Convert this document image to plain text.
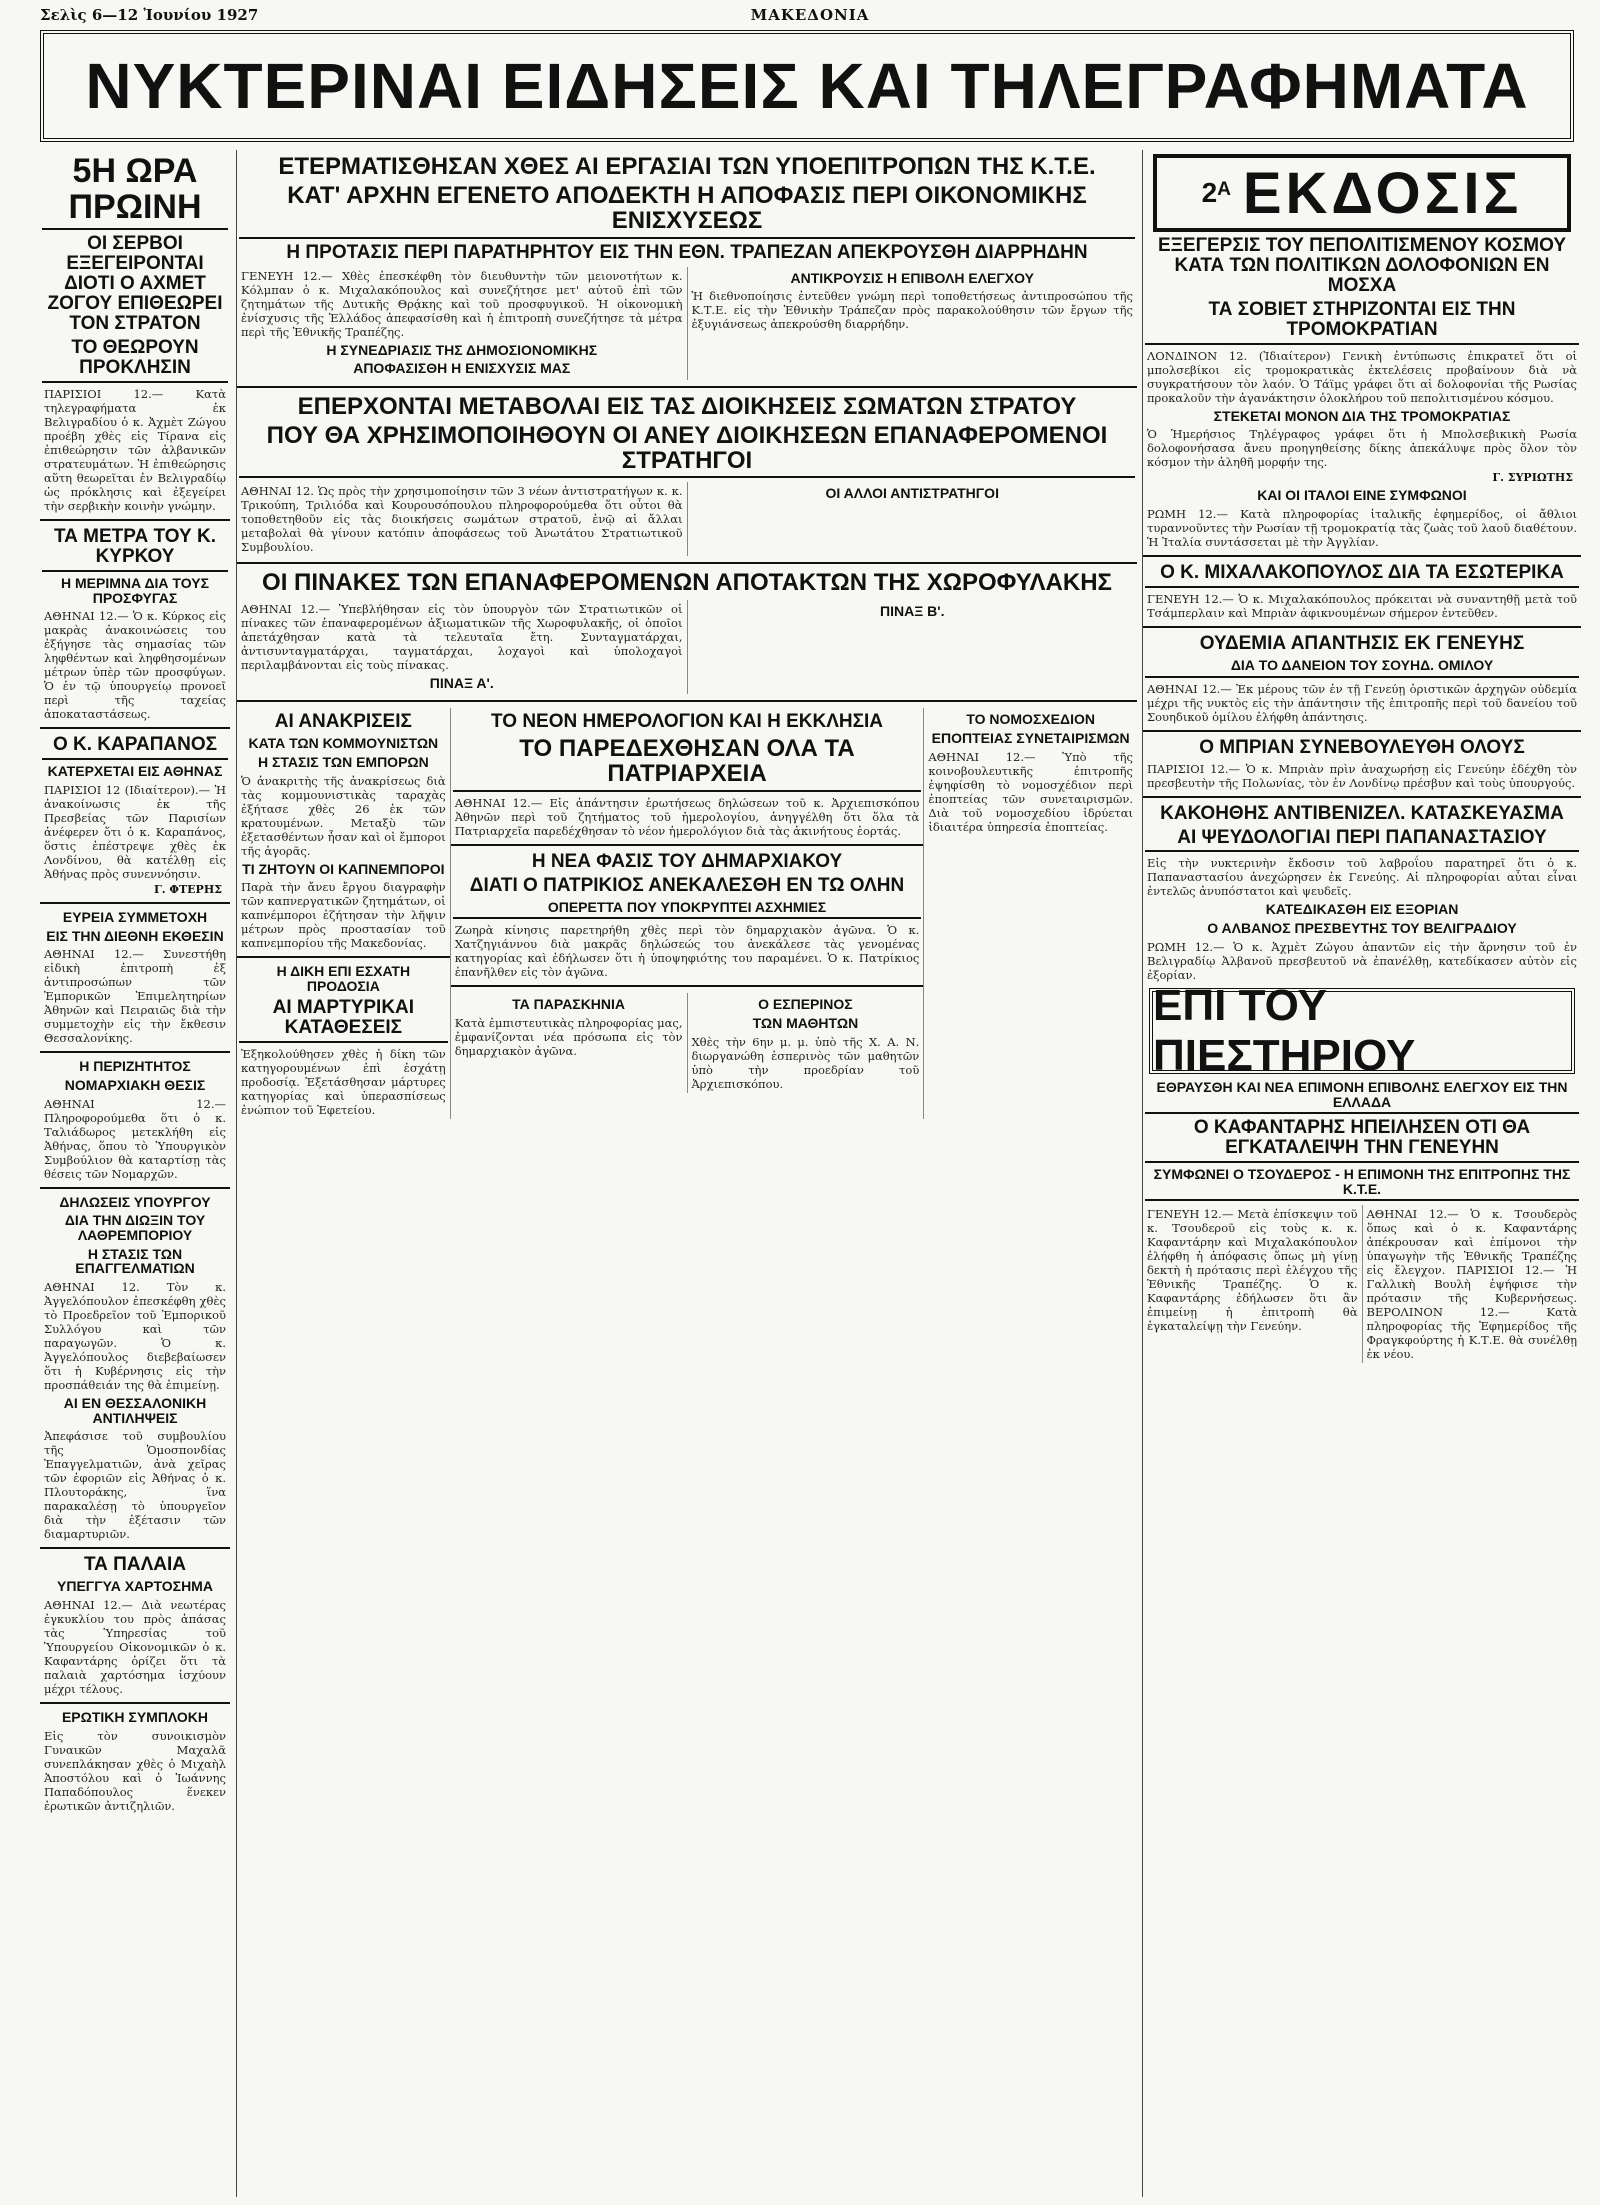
Σελὶς 6—12 Ἰουνίου 1927	ΜΑΚΕΔΟΝΙΑ
ΝΥΚΤΕΡΙΝΑΙ ΕΙΔΗΣΕΙΣ ΚΑΙ ΤΗΛΕΓΡΑΦΗΜΑΤΑ
5Η ΩΡΑ ΠΡΩΙΝΗ
ΟΙ ΣΕΡΒΟΙ ΕΞΕΓΕΙΡΟΝΤΑΙ ΔΙΟΤΙ Ο ΑΧΜΕΤ ΖΟΓΟΥ ΕΠΙΘΕΩΡΕΙ ΤΟΝ ΣΤΡΑΤΟΝ
ΤΟ ΘΕΩΡΟΥΝ ΠΡΟΚΛΗΣΙΝ

ΠΑΡΙΣΙΟΙ 12.— Κατὰ τηλεγραφήματα ἐκ Βελιγραδίου ὁ κ. Ἀχμὲτ Ζώγου προέβη χθὲς εἰς Τίρανα εἰς ἐπιθεώρησιν τῶν ἀλβανικῶν στρατευμάτων. Ἡ ἐπιθεώρησις αὕτη θεωρεῖται ἐν Βελιγραδίῳ ὡς πρόκλησις καὶ ἐξεγείρει τὴν σερβικὴν κοινὴν γνώμην.

ΤΑ ΜΕΤΡΑ ΤΟΥ Κ. ΚΥΡΚΟΥ
Η ΜΕΡΙΜΝΑ ΔΙΑ ΤΟΥΣ ΠΡΟΣΦΥΓΑΣ

ΑΘΗΝΑΙ 12.— Ὁ κ. Κύρκος εἰς μακρὰς ἀνακοινώσεις του ἐξήγησε τὰς σημασίας τῶν ληφθέντων καὶ ληφθησομένων μέτρων ὑπὲρ τῶν προσφύγων. Ὁ ἐν τῷ ὑπουργείῳ προνοεῖ περὶ τῆς ταχείας ἀποκαταστάσεως.

Ο Κ. ΚΑΡΑΠΑΝΟΣ
ΚΑΤΕΡΧΕΤΑΙ ΕΙΣ ΑΘΗΝΑΣ

ΠΑΡΙΣΙΟΙ 12 (Ιδιαίτερον).— Ἡ ἀνακοίνωσις ἐκ τῆς Πρεσβείας τῶν Παρισίων ἀνέφερεν ὅτι ὁ κ. Καραπάνος, ὅστις ἐπέστρεψε χθὲς ἐκ Λονδίνου, θὰ κατέλθῃ εἰς Ἀθήνας πρὸς συνεννόησιν.

Γ. ΦΤΕΡΗΣ
ΕΥΡΕΙΑ ΣΥΜΜΕΤΟΧΗ
ΕΙΣ ΤΗΝ ΔΙΕΘΝΗ ΕΚΘΕΣΙΝ

ΑΘΗΝΑΙ 12.— Συνεστήθη εἰδικὴ ἐπιτροπὴ ἐξ ἀντιπροσώπων τῶν Ἐμπορικῶν Ἐπιμελητηρίων Ἀθηνῶν καὶ Πειραιῶς διὰ τὴν συμμετοχὴν εἰς τὴν ἔκθεσιν Θεσσαλονίκης.

Η ΠΕΡΙΖΗΤΗΤΟΣ
ΝΟΜΑΡΧΙΑΚΗ ΘΕΣΙΣ

ΑΘΗΝΑΙ 12.— Πληροφορούμεθα ὅτι ὁ κ. Ταλιάδωρος μετεκλήθη εἰς Ἀθήνας, ὅπου τὸ Ὑπουργικὸν Συμβούλιον θὰ καταρτίσῃ τὰς θέσεις τῶν Νομαρχῶν.

ΔΗΛΩΣΕΙΣ ΥΠΟΥΡΓΟΥ
ΔΙΑ ΤΗΝ ΔΙΩΞΙΝ ΤΟΥ ΛΑΘΡΕΜΠΟΡΙΟΥ
Η ΣΤΑΣΙΣ ΤΩΝ ΕΠΑΓΓΕΛΜΑΤΙΩΝ

ΑΘΗΝΑΙ 12. Τὸν κ. Ἀγγελόπουλον ἐπεσκέφθη χθὲς τὸ Προεδρεῖον τοῦ Ἐμπορικοῦ Συλλόγου καὶ τῶν παραγωγῶν. Ὁ κ. Ἀγγελόπουλος διεβεβαίωσεν ὅτι ἡ Κυβέρνησις εἰς τὴν προσπάθειάν της θὰ ἐπιμείνῃ.

ΑΙ ΕΝ ΘΕΣΣΑΛΟΝΙΚΗ ΑΝΤΙΛΗΨΕΙΣ

Ἀπεφάσισε τοῦ συμβουλίου τῆς Ὁμοσπονδίας Ἐπαγγελματιῶν, ἀνὰ χεῖρας τῶν ἐφοριῶν εἰς Ἀθήνας ὁ κ. Πλουτοράκης, ἵνα παρακαλέσῃ τὸ ὑπουργεῖον διὰ τὴν ἐξέτασιν τῶν διαμαρτυριῶν.

ΤΑ ΠΑΛΑΙΑ
ΥΠΕΓΓΥΑ ΧΑΡΤΟΣΗΜΑ

ΑΘΗΝΑΙ 12.— Διὰ νεωτέρας ἐγκυκλίου του πρὸς ἁπάσας τὰς Ὑπηρεσίας τοῦ Ὑπουργείου Οἰκονομικῶν ὁ κ. Καφαντάρης ὁρίζει ὅτι τὰ παλαιὰ χαρτόσημα ἰσχύουν μέχρι τέλους.

ΕΡΩΤΙΚΗ ΣΥΜΠΛΟΚΗ

Εἰς τὸν συνοικισμὸν Γυναικῶν Μαχαλᾶ συνεπλάκησαν χθὲς ὁ Μιχαὴλ Ἀποστόλου καὶ ὁ Ἰωάννης Παπαδόπουλος ἕνεκεν ἐρωτικῶν ἀντιζηλιῶν.

ΕΤΕΡΜΑΤΙΣΘΗΣΑΝ ΧΘΕΣ ΑΙ ΕΡΓΑΣΙΑΙ ΤΩΝ ΥΠΟΕΠΙΤΡΟΠΩΝ ΤΗΣ Κ.Τ.Ε.
ΚΑΤ' ΑΡΧΗΝ ΕΓΕΝΕΤΟ ΑΠΟΔΕΚΤΗ Η ΑΠΟΦΑΣΙΣ ΠΕΡΙ ΟΙΚΟΝΟΜΙΚΗΣ ΕΝΙΣΧΥΣΕΩΣ
Η ΠΡΟΤΑΣΙΣ ΠΕΡΙ ΠΑΡΑΤΗΡΗΤΟΥ ΕΙΣ ΤΗΝ ΕΘΝ. ΤΡΑΠΕΖΑΝ ΑΠΕΚΡΟΥΣΘΗ ΔΙΑΡΡΗΔΗΝ

ΓΕΝΕΥΗ 12.— Χθὲς ἐπεσκέφθη τὸν διευθυντὴν τῶν μειονοτήτων κ. Κόλμπαν ὁ κ. Μιχαλακόπουλος καὶ συνεζήτησε μετ' αὐτοῦ ἐπὶ τῶν ζητημάτων τῆς Δυτικῆς Θρᾴκης καὶ τοῦ προσφυγικοῦ. Ἡ οἰκονομικὴ ἐνίσχυσις τῆς Ἑλλάδος ἀπεφασίσθη καὶ ἡ ἐπιτροπὴ συνεζήτησε τὰ μέτρα περὶ τῆς Ἐθνικῆς Τραπέζης.

Η ΣΥΝΕΔΡΙΑΣΙΣ ΤΗΣ ΔΗΜΟΣΙΟΝΟΜΙΚΗΣ
ΑΠΟΦΑΣΙΣΘΗ Η ΕΝΙΣΧΥΣΙΣ ΜΑΣ
ΑΝΤΙΚΡΟΥΣΙΣ Η ΕΠΙΒΟΛΗ ΕΛΕΓΧΟΥ

Ἡ διεθνοποίησις ἐντεῦθεν γνώμη περὶ τοποθετήσεως ἀντιπροσώπου τῆς Κ.Τ.Ε. εἰς τὴν Ἐθνικὴν Τράπεζαν πρὸς παρακολούθησιν τῶν ἔργων τῆς ἐξυγιάνσεως ἀπεκρούσθη διαρρήδην.

ΕΠΕΡΧΟΝΤΑΙ ΜΕΤΑΒΟΛΑΙ ΕΙΣ ΤΑΣ ΔΙΟΙΚΗΣΕΙΣ ΣΩΜΑΤΩΝ ΣΤΡΑΤΟΥ
ΠΟΥ ΘΑ ΧΡΗΣΙΜΟΠΟΙΗΘΟΥΝ ΟΙ ΑΝΕΥ ΔΙΟΙΚΗΣΕΩΝ ΕΠΑΝΑΦΕΡΟΜΕΝΟΙ ΣΤΡΑΤΗΓΟΙ

ΑΘΗΝΑΙ 12. Ὡς πρὸς τὴν χρησιμοποίησιν τῶν 3 νέων ἀντιστρατήγων κ. κ. Τρικούπη, Τριλιόδα καὶ Κουρουσόπουλου πληροφορούμεθα ὅτι οὗτοι θὰ τοποθετηθοῦν εἰς τὰς διοικήσεις σωμάτων στρατοῦ, ἐνῷ αἱ ἄλλαι μεταβολαὶ θὰ γίνουν κατόπιν ἀποφάσεως τοῦ Ἀνωτάτου Στρατιωτικοῦ Συμβουλίου.

ΟΙ ΑΛΛΟΙ ΑΝΤΙΣΤΡΑΤΗΓΟΙ
ΟΙ ΠΙΝΑΚΕΣ ΤΩΝ ΕΠΑΝΑΦΕΡΟΜΕΝΩΝ ΑΠΟΤΑΚΤΩΝ ΤΗΣ ΧΩΡΟΦΥΛΑΚΗΣ

ΑΘΗΝΑΙ 12.— Ὑπεβλήθησαν εἰς τὸν ὑπουργὸν τῶν Στρατιωτικῶν οἱ πίνακες τῶν ἐπαναφερομένων ἀξιωματικῶν τῆς Χωροφυλακῆς, οἱ ὁποῖοι ἀπετάχθησαν κατὰ τὰ τελευταῖα ἔτη. Συνταγματάρχαι, ἀντισυνταγματάρχαι, ταγματάρχαι, λοχαγοὶ καὶ ὑπολοχαγοὶ περιλαμβάνονται εἰς τοὺς πίνακας.

ΠΙΝΑΞ Α'.
ΠΙΝΑΞ Β'.
ΑΙ ΑΝΑΚΡΙΣΕΙΣ
ΚΑΤΑ ΤΩΝ ΚΟΜΜΟΥΝΙΣΤΩΝ
Η ΣΤΑΣΙΣ ΤΩΝ ΕΜΠΟΡΩΝ

Ὁ ἀνακριτὴς τῆς ἀνακρίσεως διὰ τὰς κομμουνιστικὰς ταραχὰς ἐξήτασε χθὲς 26 ἐκ τῶν κρατουμένων. Μεταξὺ τῶν ἐξετασθέντων ἦσαν καὶ οἱ ἔμποροι τῆς ἀγορᾶς.

ΤΙ ΖΗΤΟΥΝ ΟΙ ΚΑΠΝΕΜΠΟΡΟΙ

Παρὰ τὴν ἄνευ ἔργου διαγραφὴν τῶν καπνεργατικῶν ζητημάτων, οἱ καπνέμποροι ἐζήτησαν τὴν λῆψιν μέτρων πρὸς προστασίαν τοῦ καπνεμπορίου τῆς Μακεδονίας.

Η ΔΙΚΗ ΕΠΙ ΕΣΧΑΤΗ ΠΡΟΔΟΣΙΑ
ΑΙ ΜΑΡΤΥΡΙΚΑΙ ΚΑΤΑΘΕΣΕΙΣ

Ἐξηκολούθησεν χθὲς ἡ δίκη τῶν κατηγορουμένων ἐπὶ ἐσχάτῃ προδοσίᾳ. Ἐξετάσθησαν μάρτυρες κατηγορίας καὶ ὑπερασπίσεως ἐνώπιον τοῦ Ἐφετείου.

ΤΟ ΝΕΟΝ ΗΜΕΡΟΛΟΓΙΟΝ ΚΑΙ Η ΕΚΚΛΗΣΙΑ
ΤΟ ΠΑΡΕΔΕΧΘΗΣΑΝ ΟΛΑ ΤΑ ΠΑΤΡΙΑΡΧΕΙΑ

ΑΘΗΝΑΙ 12.— Εἰς ἀπάντησιν ἐρωτήσεως δηλώσεων τοῦ κ. Ἀρχιεπισκόπου Ἀθηνῶν περὶ τοῦ ζητήματος τοῦ ἡμερολογίου, ἀνηγγέλθη ὅτι ὅλα τὰ Πατριαρχεῖα παρεδέχθησαν τὸ νέον ἡμερολόγιον διὰ τὰς ἀκινήτους ἑορτάς.

Η ΝΕΑ ΦΑΣΙΣ ΤΟΥ ΔΗΜΑΡΧΙΑΚΟΥ
ΔΙΑΤΙ Ο ΠΑΤΡΙΚΙΟΣ ΑΝΕΚΑΛΕΣΘΗ ΕΝ ΤΩ ΟΛΗΝ
ΟΠΕΡΕΤΤΑ ΠΟΥ ΥΠΟΚΡΥΠΤΕΙ ΑΣΧΗΜΙΕΣ

Ζωηρὰ κίνησις παρετηρήθη χθὲς περὶ τὸν δημαρχιακὸν ἀγῶνα. Ὁ κ. Χατζηγιάννου διὰ μακρᾶς δηλώσεώς του ἀνεκάλεσε τὰς γενομένας κατηγορίας καὶ ἐδήλωσεν ὅτι ἡ ὑποψηφιότης του παραμένει. Ὁ κ. Πατρίκιος ἐπανῆλθεν εἰς τὸν ἀγῶνα.

ΤΑ ΠΑΡΑΣΚΗΝΙΑ

Κατὰ ἐμπιστευτικὰς πληροφορίας μας, ἐμφανίζονται νέα πρόσωπα εἰς τὸν δημαρχιακὸν ἀγῶνα.

Ο ΕΣΠΕΡΙΝΟΣ
ΤΩΝ ΜΑΘΗΤΩΝ

Χθὲς τὴν 6ην μ. μ. ὑπὸ τῆς Χ. Α. Ν. διωργανώθη ἑσπερινὸς τῶν μαθητῶν ὑπὸ τὴν προεδρίαν τοῦ Ἀρχιεπισκόπου.

ΤΟ ΝΟΜΟΣΧΕΔΙΟΝ
ΕΠΟΠΤΕΙΑΣ ΣΥΝΕΤΑΙΡΙΣΜΩΝ

ΑΘΗΝΑΙ 12.— Ὑπὸ τῆς κοινοβουλευτικῆς ἐπιτροπῆς ἐψηφίσθη τὸ νομοσχέδιον περὶ ἐποπτείας τῶν συνεταιρισμῶν. Διὰ τοῦ νομοσχεδίου ἱδρύεται ἰδιαιτέρα ὑπηρεσία ἐποπτείας.

2ᴬ ΕΚΔΟΣΙΣ
ΕΞΕΓΕΡΣΙΣ ΤΟΥ ΠΕΠΟΛΙΤΙΣΜΕΝΟΥ ΚΟΣΜΟΥ ΚΑΤΑ ΤΩΝ ΠΟΛΙΤΙΚΩΝ ΔΟΛΟΦΟΝΙΩΝ ΕΝ ΜΟΣΧΑ
ΤΑ ΣΟΒΙΕΤ ΣΤΗΡΙΖΟΝΤΑΙ ΕΙΣ ΤΗΝ ΤΡΟΜΟΚΡΑΤΙΑΝ

ΛΟΝΔΙΝΟΝ 12. (Ἰδιαίτερον) Γενικὴ ἐντύπωσις ἐπικρατεῖ ὅτι οἱ μπολσεβίκοι εἰς τρομοκρατικὰς ἐκτελέσεις προβαίνουν διὰ νὰ συγκρατήσουν τὸν λαόν. Ὁ Τάϊμς γράφει ὅτι αἱ δολοφονίαι τῆς Ρωσίας προκαλοῦν τὴν ἀγανάκτησιν ὁλοκλήρου τοῦ πεπολιτισμένου κόσμου.

ΣΤΕΚΕΤΑΙ ΜΟΝΟΝ ΔΙΑ ΤΗΣ ΤΡΟΜΟΚΡΑΤΙΑΣ

Ὁ Ἡμερήσιος Τηλέγραφος γράφει ὅτι ἡ Μπολσεβικικὴ Ρωσία δολοφονήσασα ἄνευ προηγηθείσης δίκης ἀπεκάλυψε πρὸς ὅλον τὸν κόσμον τὴν ἀληθῆ μορφήν της.

Γ. ΣΥΡΙΩΤΗΣ
ΚΑΙ ΟΙ ΙΤΑΛΟΙ ΕΙΝΕ ΣΥΜΦΩΝΟΙ

ΡΩΜΗ 12.— Κατὰ πληροφορίας ἰταλικῆς ἐφημερίδος, οἱ ἄθλιοι τυραννοῦντες τὴν Ρωσίαν τῇ τρομοκρατίᾳ τὰς ζωὰς τοῦ λαοῦ διαθέτουν. Ἡ Ἰταλία συντάσσεται μὲ τὴν Ἀγγλίαν.

Ο Κ. ΜΙΧΑΛΑΚΟΠΟΥΛΟΣ ΔΙΑ ΤΑ ΕΣΩΤΕΡΙΚΑ

ΓΕΝΕΥΗ 12.— Ὁ κ. Μιχαλακόπουλος πρόκειται νὰ συναντηθῇ μετὰ τοῦ Τσάμπερλαιν καὶ Μπριὰν ἀφικνουμένων σήμερον ἐντεῦθεν.

ΟΥΔΕΜΙΑ ΑΠΑΝΤΗΣΙΣ ΕΚ ΓΕΝΕΥΗΣ
ΔΙΑ ΤΟ ΔΑΝΕΙΟΝ ΤΟΥ ΣΟΥΗΔ. ΟΜΙΛΟΥ

ΑΘΗΝΑΙ 12.— Ἐκ μέρους τῶν ἐν τῇ Γενεύῃ ὁριστικῶν ἀρχηγῶν οὐδεμία μέχρι τῆς νυκτὸς εἰς τὴν ἀπάντησιν τῆς ἐπιτροπῆς περὶ τοῦ δανείου τοῦ Σουηδικοῦ ὁμίλου ἐλήφθη ἀπάντησις.

Ο ΜΠΡΙΑΝ ΣΥΝΕΒΟΥΛΕΥΘΗ ΟΛΟΥΣ

ΠΑΡΙΣΙΟΙ 12.— Ὁ κ. Μπριὰν πρὶν ἀναχωρήσῃ εἰς Γενεύην ἐδέχθη τὸν πρεσβευτὴν τῆς Πολωνίας, τὸν ἐν Λονδίνῳ πρέσβυν καὶ τοὺς ὑπουργούς.

ΚΑΚΟΗΘΗΣ ΑΝΤΙΒΕΝΙΖΕΛ. ΚΑΤΑΣΚΕΥΑΣΜΑ
ΑΙ ΨΕΥΔΟΛΟΓΙΑΙ ΠΕΡΙ ΠΑΠΑΝΑΣΤΑΣΙΟΥ

Εἰς τὴν νυκτερινὴν ἔκδοσιν τοῦ λαβροΐου παρατηρεῖ ὅτι ὁ κ. Παπαναστασίου ἀνεχώρησεν ἐκ Γενεύης. Αἱ πληροφορίαι αὗται εἶναι ἐντελῶς ἀνυπόστατοι καὶ ψευδεῖς.

ΚΑΤΕΔΙΚΑΣΘΗ ΕΙΣ ΕΞΟΡΙΑΝ
Ο ΑΛΒΑΝΟΣ ΠΡΕΣΒΕΥΤΗΣ ΤΟΥ ΒΕΛΙΓΡΑΔΙΟΥ

ΡΩΜΗ 12.— Ὁ κ. Ἀχμὲτ Ζώγου ἀπαντῶν εἰς τὴν ἄρνησιν τοῦ ἐν Βελιγραδίῳ Ἀλβανοῦ πρεσβευτοῦ νὰ ἐπανέλθῃ, κατεδίκασεν αὐτὸν εἰς ἐξορίαν.

ΕΠΙ ΤΟΥ ΠΙΕΣΤΗΡΙΟΥ
ΕΘΡΑΥΣΘΗ ΚΑΙ ΝΕΑ ΕΠΙΜΟΝΗ ΕΠΙΒΟΛΗΣ ΕΛΕΓΧΟΥ ΕΙΣ ΤΗΝ ΕΛΛΑΔΑ
Ο ΚΑΦΑΝΤΑΡΗΣ ΗΠΕΙΛΗΣΕΝ ΟΤΙ ΘΑ ΕΓΚΑΤΑΛΕΙΨΗ ΤΗΝ ΓΕΝΕΥΗΝ
ΣΥΜΦΩΝΕΙ Ο ΤΣΟΥΔΕΡΟΣ - Η ΕΠΙΜΟΝΗ ΤΗΣ ΕΠΙΤΡΟΠΗΣ ΤΗΣ Κ.Τ.Ε.

ΓΕΝΕΥΗ 12.— Μετὰ ἐπίσκεψιν τοῦ κ. Τσουδεροῦ εἰς τοὺς κ. κ. Καφαντάρην καὶ Μιχαλακόπουλον ἐλήφθη ἡ ἀπόφασις ὅπως μὴ γίνῃ δεκτὴ ἡ πρότασις περὶ ἐλέγχου τῆς Ἐθνικῆς Τραπέζης. Ὁ κ. Καφαντάρης ἐδήλωσεν ὅτι ἂν ἐπιμείνῃ ἡ ἐπιτροπὴ θὰ ἐγκαταλείψῃ τὴν Γενεύην.

ΑΘΗΝΑΙ 12.— Ὁ κ. Τσουδερὸς ὅπως καὶ ὁ κ. Καφαντάρης ἀπέκρουσαν καὶ ἐπίμονοι τὴν ὑπαγωγὴν τῆς Ἐθνικῆς Τραπέζης εἰς ἔλεγχον. ΠΑΡΙΣΙΟΙ 12.— Ἡ Γαλλικὴ Βουλὴ ἐψήφισε τὴν πρότασιν τῆς Κυβερνήσεως. ΒΕΡΟΛΙΝΟΝ 12.— Κατὰ πληροφορίας τῆς Ἐφημερίδος τῆς Φραγκφούρτης ἡ Κ.Τ.Ε. θὰ συνέλθῃ ἐκ νέου.
